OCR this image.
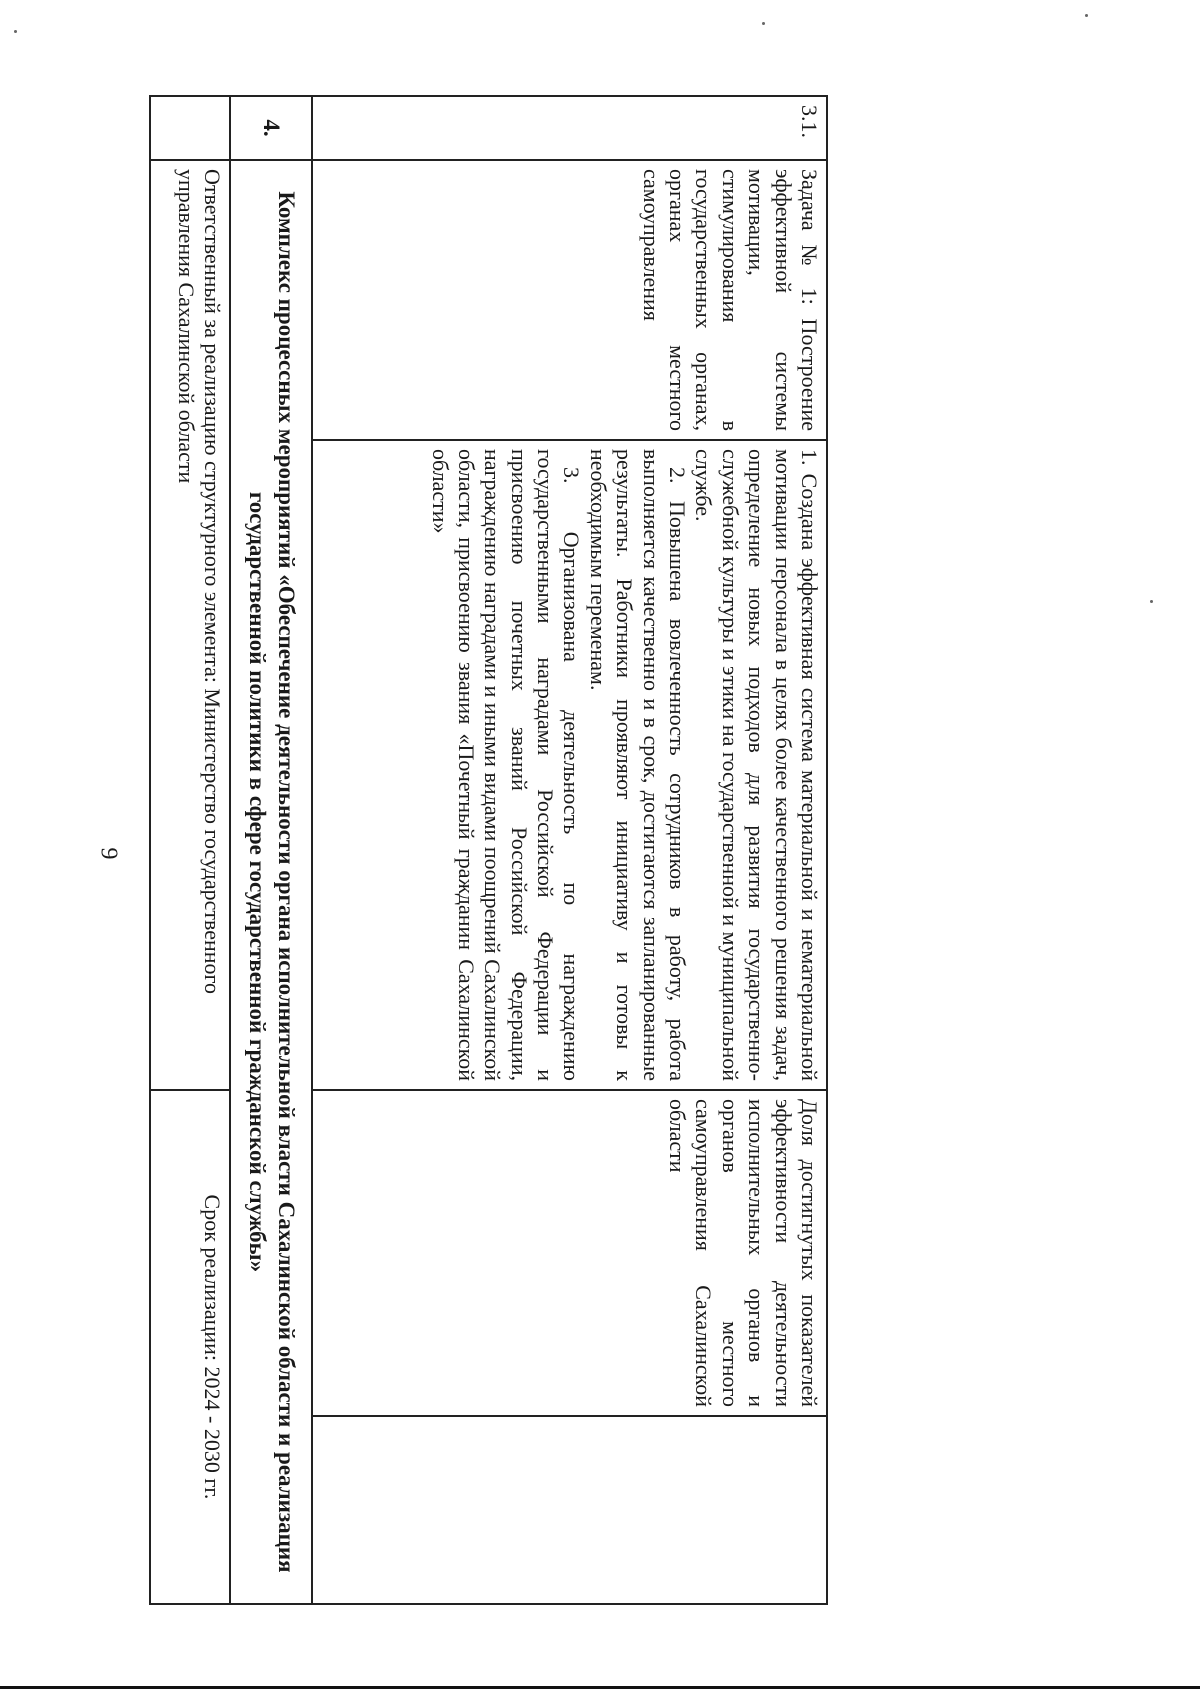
9
3.1.	Задача № 1: Построение эффективной системы мотивации, стимулирования в государственных органах, органах местного самоуправления	1. Создана эффективная система материальной и нематериальной мотивации персонала в целях более качественного решения задач, определение новых подходов для развития государственно-служебной культуры и этики на государственной и муниципальной службе.

2. Повышена вовлеченность сотрудников в работу, работа выполняется качественно и в срок, достигаются запланированные результаты. Работники проявляют инициативу и готовы к необходимым переменам.

3. Организована деятельность по награждению государственными наградами Российской Федерации и присвоению почетных званий Российской Федерации, награждению наградами и иными видами поощрений Сахалинской области, присвоению звания «Почетный гражданин Сахалинской области»	Доля достигнутых показателей эффективности деятельности исполнительных органов и органов местного самоуправления Сахалинской области	
4.	Комплекс процессных мероприятий «Обеспечение деятельности органа исполнительной власти Сахалинской области и реализация государственной политики в сфере государственной гражданской службы»			
	Ответственный за реализацию структурного элемента: Министерство государственного управления Сахалинской области		Срок реализации: 2024 - 2030 гг.	
